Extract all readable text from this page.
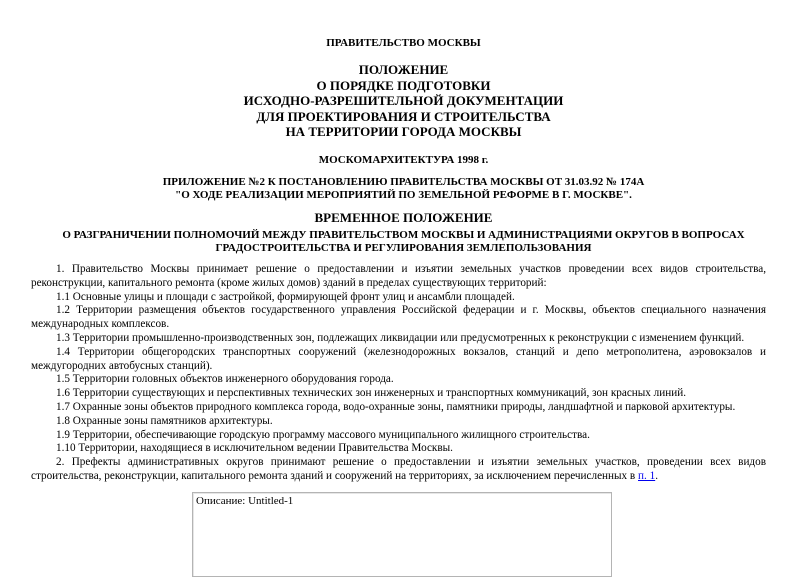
ПРАВИТЕЛЬСТВО МОСКВЫ
ПОЛОЖЕНИЕ
О ПОРЯДКЕ ПОДГОТОВКИ
ИСХОДНО-РАЗРЕШИТЕЛЬНОЙ ДОКУМЕНТАЦИИ
ДЛЯ ПРОЕКТИРОВАНИЯ И СТРОИТЕЛЬСТВА
НА ТЕРРИТОРИИ ГОРОДА МОСКВЫ
МОСКОМАРХИТЕКТУРА 1998 г.
ПРИЛОЖЕНИЕ №2 К ПОСТАНОВЛЕНИЮ ПРАВИТЕЛЬСТВА МОСКВЫ ОТ 31.03.92 № 174А
"О ХОДЕ РЕАЛИЗАЦИИ МЕРОПРИЯТИЙ ПО ЗЕМЕЛЬНОЙ РЕФОРМЕ В Г. МОСКВЕ".
ВРЕМЕННОЕ ПОЛОЖЕНИЕ
О РАЗГРАНИЧЕНИИ ПОЛНОМОЧИЙ МЕЖДУ ПРАВИТЕЛЬСТВОМ МОСКВЫ И АДМИНИСТРАЦИЯМИ ОКРУГОВ В ВОПРОСАХ
ГРАДОСТРОИТЕЛЬСТВА И РЕГУЛИРОВАНИЯ ЗЕМЛЕПОЛЬЗОВАНИЯ

1. Правительство Москвы принимает решение о предоставлении и изъятии земельных участков проведении всех видов строительства, реконструкции, капитального ремонта (кроме жилых домов) зданий в пределах существующих территорий:

1.1 Основные улицы и площади с застройкой, формирующей фронт улиц и ансамбли площадей.

1.2 Территории размещения объектов государственного управления Российской федерации и г. Москвы, объектов специального назначения международных комплексов.

1.3 Территории промышленно-производственных зон, подлежащих ликвидации или предусмотренных к реконструкции с изменением функций.

1.4 Территории общегородских транспортных сооружений (железнодорожных вокзалов, станций и депо метрополитена, аэровокзалов и междугородних автобусных станций).

1.5 Территории головных объектов инженерного оборудования города.

1.6 Территории существующих и перспективных технических зон инженерных и транспортных коммуникаций, зон красных линий.

1.7 Охранные зоны объектов природного комплекса города, водо-охранные зоны, памятники природы, ландшафтной и парковой архитектуры.

1.8 Охранные зоны памятников архитектуры.

1.9 Территории, обеспечивающие городскую программу массового муниципального жилищного строительства.

1.10 Территории, находящиеся в исключительном ведении Правительства Москвы.

2. Префекты административных округов принимают решение о предоставлении и изъятии земельных участков, проведении всех видов строительства, реконструкции, капитального ремонта зданий и сооружений на территориях, за исключением перечисленных в п. 1.

Описание: Untitled-1
